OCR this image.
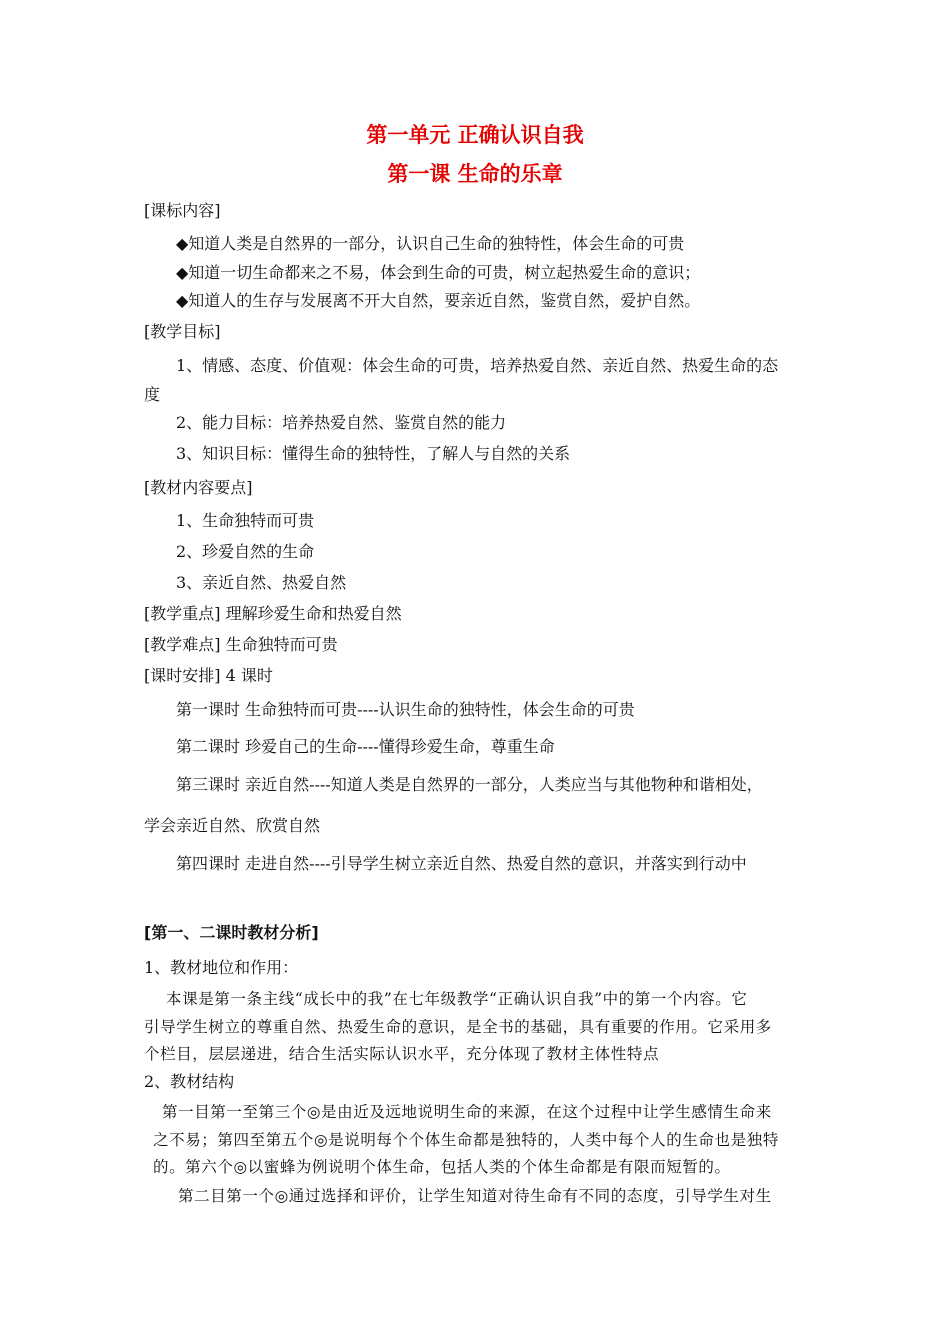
第一单元 正确认识自我
第一课 生命的乐章
[课标内容]
◆知道人类是自然界的一部分，认识自己生命的独特性，体会生命的可贵
◆知道一切生命都来之不易，体会到生命的可贵，树立起热爱生命的意识；
◆知道人的生存与发展离不开大自然，要亲近自然，鉴赏自然，爱护自然。
[教学目标]
1、情感、态度、价值观：体会生命的可贵，培养热爱自然、亲近自然、热爱生命的态
度
2、能力目标：培养热爱自然、鉴赏自然的能力
3、知识目标：懂得生命的独特性，了解人与自然的关系
[教材内容要点]
1、生命独特而可贵
2、珍爱自然的生命
3、亲近自然、热爱自然
[教学重点] 理解珍爱生命和热爱自然
[教学难点] 生命独特而可贵
[课时安排] 4 课时
第一课时 生命独特而可贵----认识生命的独特性，体会生命的可贵
第二课时 珍爱自己的生命----懂得珍爱生命，尊重生命
第三课时 亲近自然----知道人类是自然界的一部分，人类应当与其他物种和谐相处，
学会亲近自然、欣赏自然
第四课时 走进自然----引导学生树立亲近自然、热爱自然的意识，并落实到行动中
[第一、二课时教材分析]
1、教材地位和作用：
本课是第一条主线“成长中的我”在七年级教学“正确认识自我”中的第一个内容。它
引导学生树立的尊重自然、热爱生命的意识，是全书的基础，具有重要的作用。它采用多
个栏目，层层递进，结合生活实际认识水平，充分体现了教材主体性特点
2、教材结构
第一目第一至第三个◎是由近及远地说明生命的来源，在这个过程中让学生感情生命来
之不易；第四至第五个◎是说明每个个体生命都是独特的，人类中每个人的生命也是独特
的。第六个◎以蜜蜂为例说明个体生命，包括人类的个体生命都是有限而短暂的。
第二目第一个◎通过选择和评价，让学生知道对待生命有不同的态度，引导学生对生
